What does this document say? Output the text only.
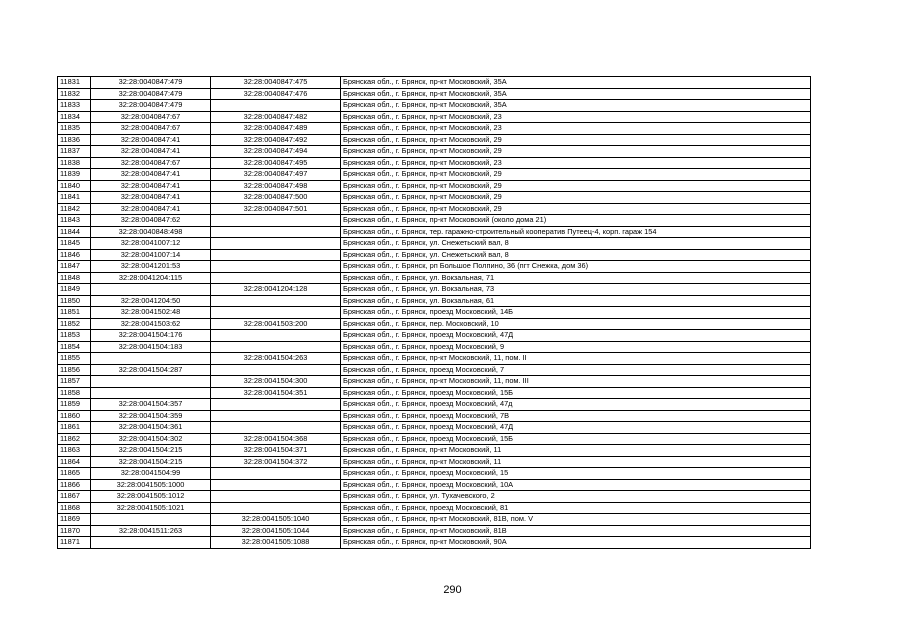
11831	32:28:0040847:479	32:28:0040847:475	Брянская обл., г. Брянск, пр-кт Московский, 35А
11832	32:28:0040847:479	32:28:0040847:476	Брянская обл., г. Брянск, пр-кт Московский, 35А
11833	32:28:0040847:479		Брянская обл., г. Брянск, пр-кт Московский, 35А
11834	32:28:0040847:67	32:28:0040847:482	Брянская обл., г. Брянск, пр-кт Московский, 23
11835	32:28:0040847:67	32:28:0040847:489	Брянская обл., г. Брянск, пр-кт Московский, 23
11836	32:28:0040847:41	32:28:0040847:492	Брянская обл., г. Брянск, пр-кт Московский, 29
11837	32:28:0040847:41	32:28:0040847:494	Брянская обл., г. Брянск, пр-кт Московский, 29
11838	32:28:0040847:67	32:28:0040847:495	Брянская обл., г. Брянск, пр-кт Московский, 23
11839	32:28:0040847:41	32:28:0040847:497	Брянская обл., г. Брянск, пр-кт Московский, 29
11840	32:28:0040847:41	32:28:0040847:498	Брянская обл., г. Брянск, пр-кт Московский, 29
11841	32:28:0040847:41	32:28:0040847:500	Брянская обл., г. Брянск, пр-кт Московский, 29
11842	32:28:0040847:41	32:28:0040847:501	Брянская обл., г. Брянск, пр-кт Московский, 29
11843	32:28:0040847:62		Брянская обл., г. Брянск, пр-кт Московский (около дома 21)
11844	32:28:0040848:498		Брянская обл., г. Брянск, тер. гаражно-строительный кооператив Путеец-4, корп. гараж 154
11845	32:28:0041007:12		Брянская обл., г. Брянск, ул. Снежетьский вал, 8
11846	32:28:0041007:14		Брянская обл., г. Брянск, ул. Снежетьский вал, 8
11847	32:28:0041201:53		Брянская обл., г. Брянск, рп Большое Полпино, 36 (пгт Снежка, дом 36)
11848	32:28:0041204:115		Брянская обл., г. Брянск, ул. Вокзальная, 71
11849		32:28:0041204:128	Брянская обл., г. Брянск, ул. Вокзальная, 73
11850	32:28:0041204:50		Брянская обл., г. Брянск, ул. Вокзальная, 61
11851	32:28:0041502:48		Брянская обл., г. Брянск, проезд Московский, 14Б
11852	32:28:0041503:62	32:28:0041503:200	Брянская обл., г. Брянск, пер. Московский, 10
11853	32:28:0041504:176		Брянская обл., г. Брянск, проезд Московский, 47Д
11854	32:28:0041504:183		Брянская обл., г. Брянск, проезд Московский, 9
11855		32:28:0041504:263	Брянская обл., г. Брянск, пр-кт Московский, 11, пом. II
11856	32:28:0041504:287		Брянская обл., г. Брянск, проезд Московский, 7
11857		32:28:0041504:300	Брянская обл., г. Брянск, пр-кт Московский, 11, пом. III
11858		32:28:0041504:351	Брянская обл., г. Брянск, проезд Московский, 15Б
11859	32:28:0041504:357		Брянская обл., г. Брянск, проезд Московский, 47д
11860	32:28:0041504:359		Брянская обл., г. Брянск, проезд Московский, 7В
11861	32:28:0041504:361		Брянская обл., г. Брянск, проезд Московский, 47Д
11862	32:28:0041504:302	32:28:0041504:368	Брянская обл., г. Брянск, проезд Московский, 15Б
11863	32:28:0041504:215	32:28:0041504:371	Брянская обл., г. Брянск, пр-кт Московский, 11
11864	32:28:0041504:215	32:28:0041504:372	Брянская обл., г. Брянск, пр-кт Московский, 11
11865	32:28:0041504:99		Брянская обл., г. Брянск, проезд Московский, 15
11866	32:28:0041505:1000		Брянская обл., г. Брянск, проезд Московский, 10А
11867	32:28:0041505:1012		Брянская обл., г. Брянск, ул. Тухачевского, 2
11868	32:28:0041505:1021		Брянская обл., г. Брянск, проезд Московский, 81
11869		32:28:0041505:1040	Брянская обл., г. Брянск, пр-кт Московский, 81В, пом. V
11870	32:28:0041511:263	32:28:0041505:1044	Брянская обл., г. Брянск, пр-кт Московский, 81В
11871		32:28:0041505:1088	Брянская обл., г. Брянск, пр-кт Московский, 90А
290
